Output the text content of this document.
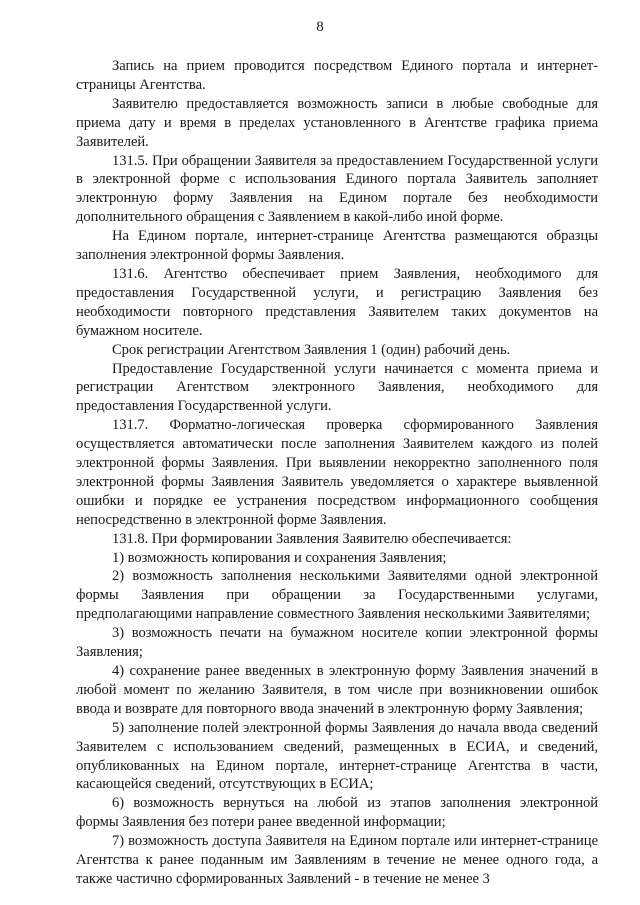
8

Запись на прием проводится посредством Единого портала и интернет-страницы Агентства.

Заявителю предоставляется возможность записи в любые свободные для приема дату и время в пределах установленного в Агентстве графика приема Заявителей.

131.5. При обращении Заявителя за предоставлением Государственной услуги в электронной форме с использования Единого портала Заявитель заполняет электронную форму Заявления на Едином портале без необходимости дополнительного обращения с Заявлением в какой-либо иной форме.

На Едином портале, интернет-странице Агентства размещаются образцы заполнения электронной формы Заявления.

131.6. Агентство обеспечивает прием Заявления, необходимого для предоставления Государственной услуги, и регистрацию Заявления без необходимости повторного представления Заявителем таких документов на бумажном носителе.

Срок регистрации Агентством Заявления 1 (один) рабочий день.

Предоставление Государственной услуги начинается с момента приема и регистрации Агентством электронного Заявления, необходимого для предоставления Государственной услуги.

131.7. Форматно-логическая проверка сформированного Заявления осуществляется автоматически после заполнения Заявителем каждого из полей электронной формы Заявления. При выявлении некорректно заполненного поля электронной формы Заявления Заявитель уведомляется о характере выявленной ошибки и порядке ее устранения посредством информационного сообщения непосредственно в электронной форме Заявления.

131.8. При формировании Заявления Заявителю обеспечивается:

1) возможность копирования и сохранения Заявления;

2) возможность заполнения несколькими Заявителями одной электронной формы Заявления при обращении за Государственными услугами, предполагающими направление совместного Заявления несколькими Заявителями;

3) возможность печати на бумажном носителе копии электронной формы Заявления;

4) сохранение ранее введенных в электронную форму Заявления значений в любой момент по желанию Заявителя, в том числе при возникновении ошибок ввода и возврате для повторного ввода значений в электронную форму Заявления;

5) заполнение полей электронной формы Заявления до начала ввода сведений Заявителем с использованием сведений, размещенных в ЕСИА, и сведений, опубликованных на Едином портале, интернет-странице Агентства в части, касающейся сведений, отсутствующих в ЕСИА;

6) возможность вернуться на любой из этапов заполнения электронной формы Заявления без потери ранее введенной информации;

7) возможность доступа Заявителя на Едином портале или интернет-странице Агентства к ранее поданным им Заявлениям в течение не менее одного года, а также частично сформированных Заявлений - в течение не менее 3
